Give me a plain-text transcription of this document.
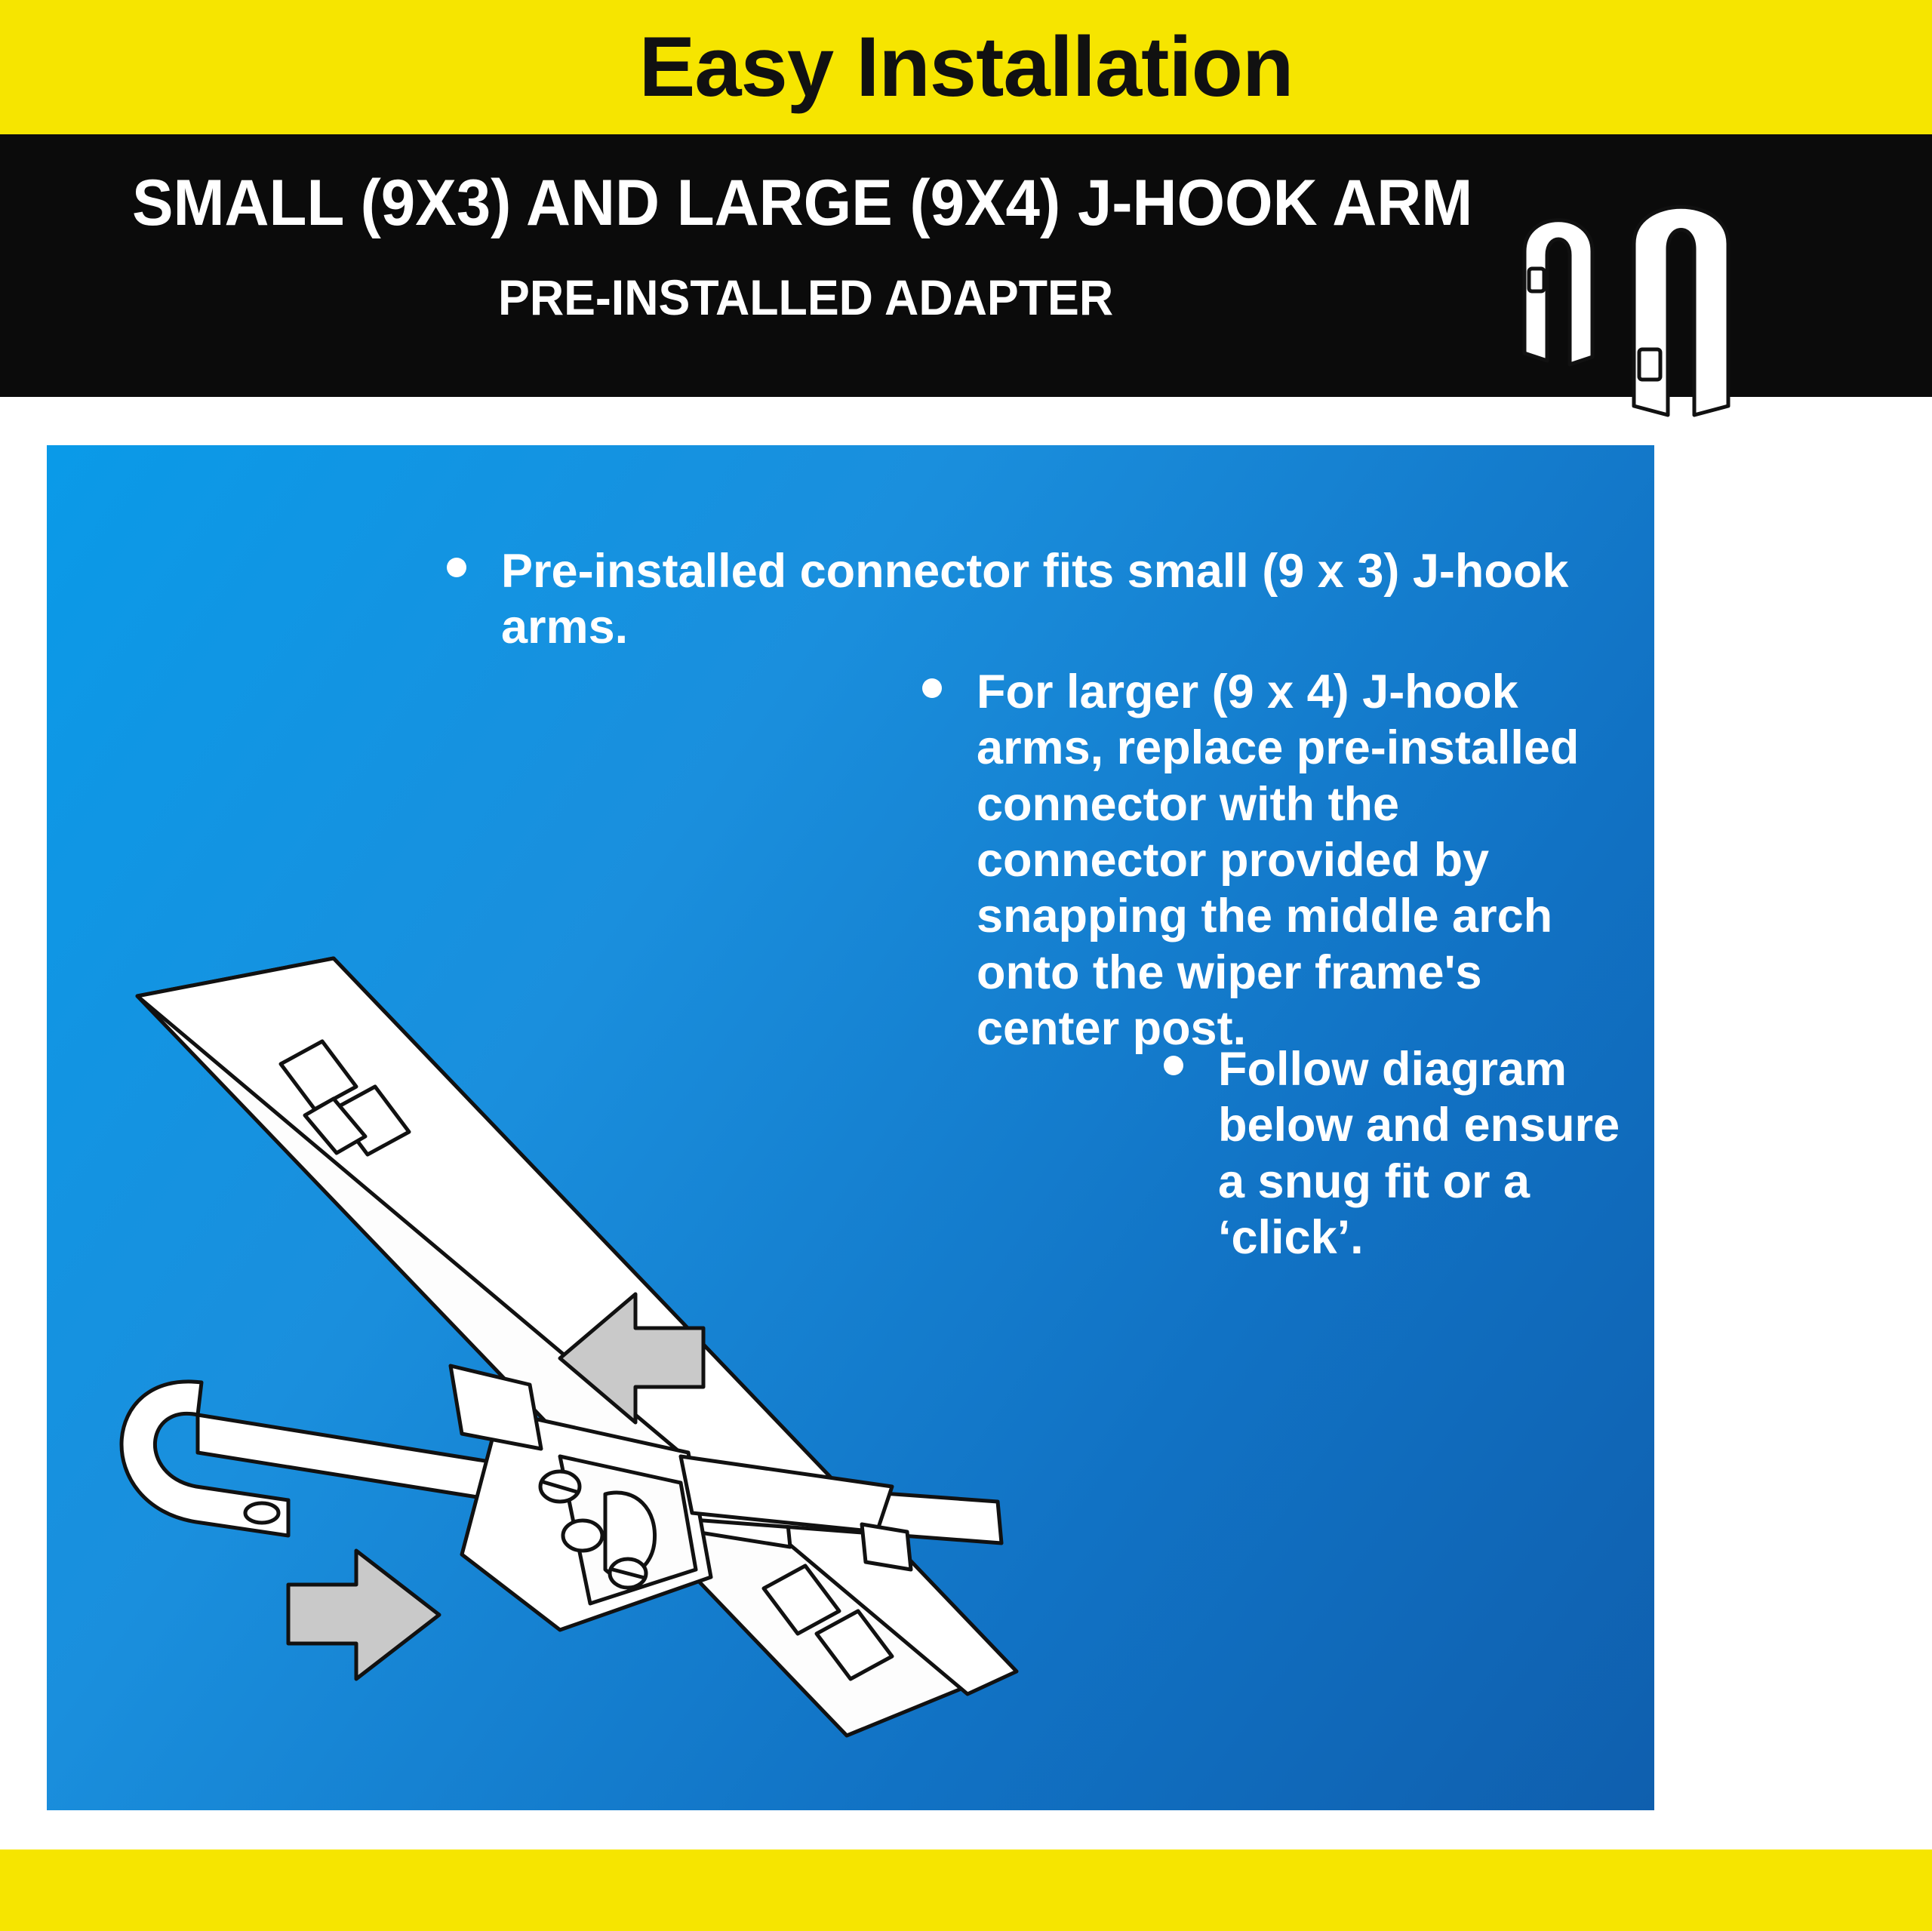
Easy Installation
SMALL (9X3) AND LARGE (9X4) J-HOOK ARM
PRE-INSTALLED ADAPTER
Pre-installed connector fits small (9 x 3) J-hook arms.
For larger (9 x 4) J-hook arms, replace pre-installed connector with the connector provided by snapping the middle arch onto the wiper frame's center post.
Follow diagram below and ensure a snug fit or a ‘click’.
